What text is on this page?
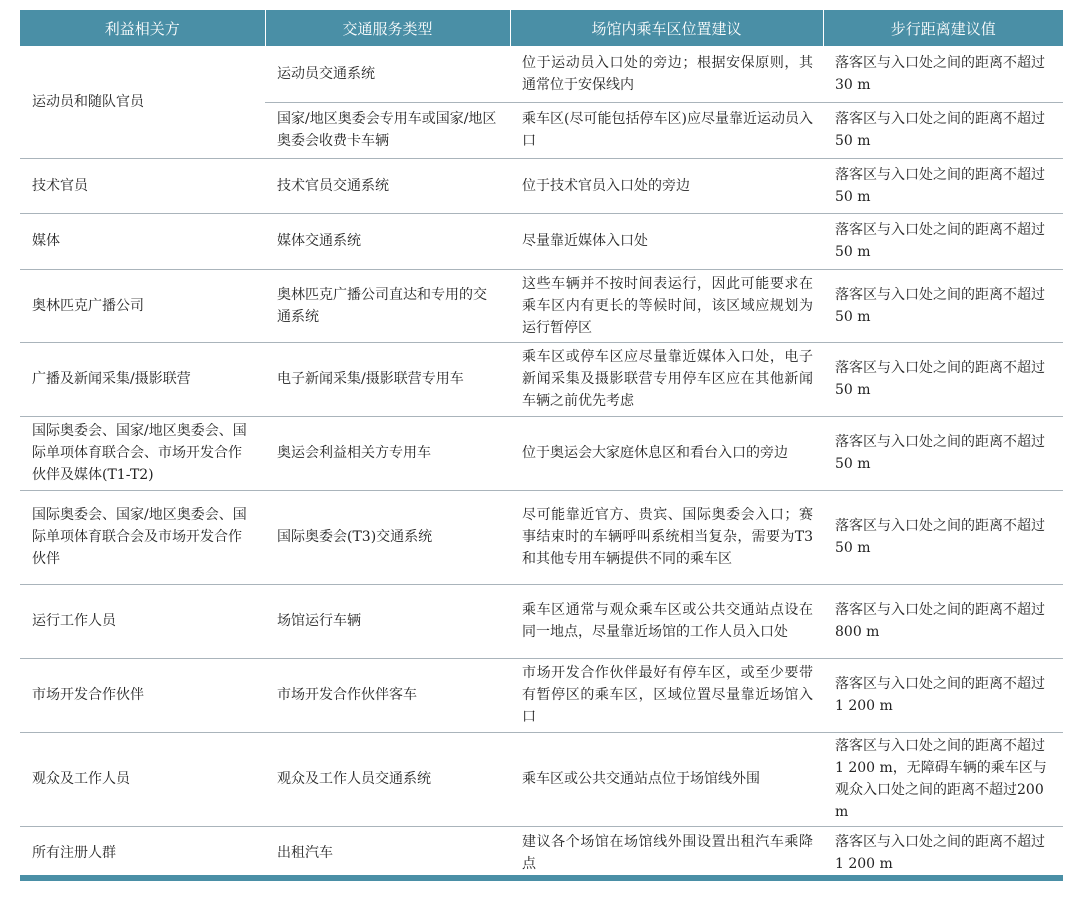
利益相关方	交通服务类型	场馆内乘车区位置建议	步行距离建议值
运动员和随队官员	运动员交通系统	位于运动员入口处的旁边；根据安保原则，其通常位于安保线内	落客区与入口处之间的距离不超过 30 m
	国家/地区奥委会专用车或国家/地区奥委会收费卡车辆	乘车区(尽可能包括停车区)应尽量靠近运动员入口	落客区与入口处之间的距离不超过50 m
技术官员	技术官员交通系统	位于技术官员入口处的旁边	落客区与入口处之间的距离不超过50 m
媒体	媒体交通系统	尽量靠近媒体入口处	落客区与入口处之间的距离不超过50 m
奥林匹克广播公司	奥林匹克广播公司直达和专用的交通系统	这些车辆并不按时间表运行，因此可能要求在乘车区内有更长的等候时间，该区域应规划为运行暂停区	落客区与入口处之间的距离不超过50 m
广播及新闻采集/摄影联营	电子新闻采集/摄影联营专用车	乘车区或停车区应尽量靠近媒体入口处，电子新闻采集及摄影联营专用停车区应在其他新闻车辆之前优先考虑	落客区与入口处之间的距离不超过50 m
国际奥委会、国家/地区奥委会、国际单项体育联合会、市场开发合作伙伴及媒体(T1-T2)	奥运会利益相关方专用车	位于奥运会大家庭休息区和看台入口的旁边	落客区与入口处之间的距离不超过50 m
国际奥委会、国家/地区奥委会、国际单项体育联合会及市场开发合作伙伴	国际奥委会(T3)交通系统	尽可能靠近官方、贵宾、国际奥委会入口；赛事结束时的车辆呼叫系统相当复杂，需要为T3和其他专用车辆提供不同的乘车区	落客区与入口处之间的距离不超过50 m
运行工作人员	场馆运行车辆	乘车区通常与观众乘车区或公共交通站点设在同一地点，尽量靠近场馆的工作人员入口处	落客区与入口处之间的距离不超过800 m
市场开发合作伙伴	市场开发合作伙伴客车	市场开发合作伙伴最好有停车区，或至少要带有暂停区的乘车区，区域位置尽量靠近场馆入口	落客区与入口处之间的距离不超过1 200 m
观众及工作人员	观众及工作人员交通系统	乘车区或公共交通站点位于场馆线外围	落客区与入口处之间的距离不超过1 200 m，无障碍车辆的乘车区与观众入口处之间的距离不超过200 m
所有注册人群	出租汽车	建议各个场馆在场馆线外围设置出租汽车乘降点	落客区与入口处之间的距离不超过1 200 m
